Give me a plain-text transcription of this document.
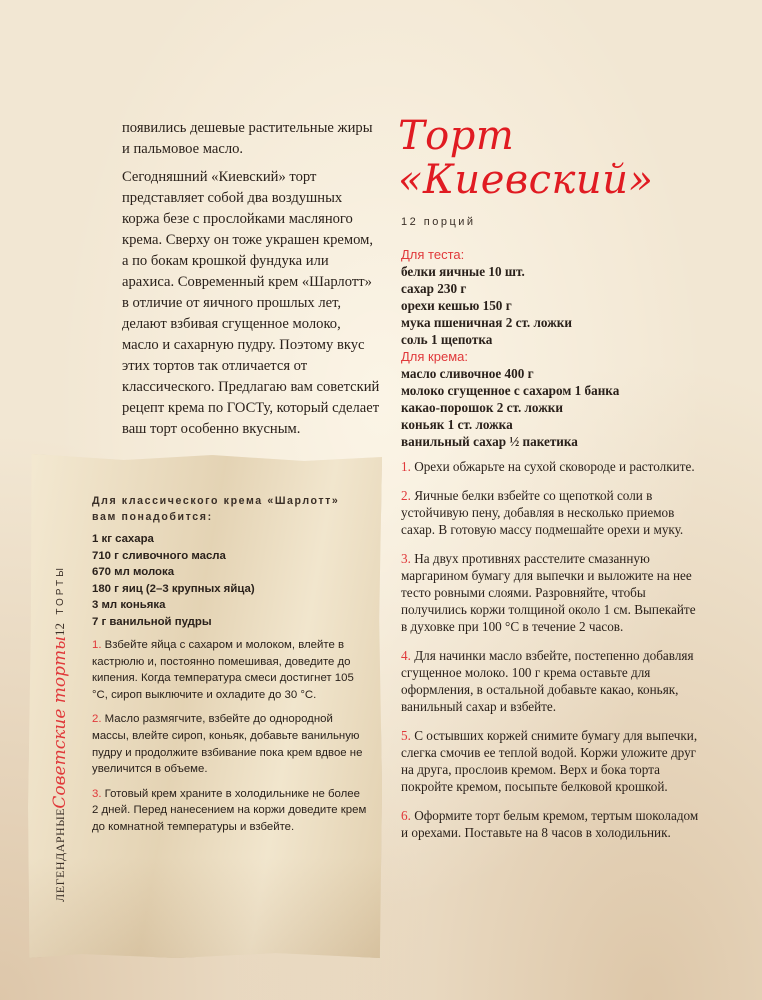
появились дешевые растительные жиры и пальмовое масло.

Сегодняшний «Киевский» торт представляет собой два воздушных коржа безе с прослойками масляного крема. Сверху он тоже украшен кремом, а по бокам крошкой фундука или арахиса. Современный крем «Шарлотт» в отличие от яичного прошлых лет, делают взбивая сгущенное молоко, масло и сахарную пудру. Поэтому вкус этих тортов так отличается от классического. Предлагаю вам советский рецепт крема по ГОСТу, который сделает ваш торт особенно вкусным.

Торт
«Киевский»
12 порций
Для теста:
белки яичные 10 шт.
сахар 230 г
орехи кешью 150 г
мука пшеничная 2 ст. ложки
соль 1 щепотка
Для крема:
масло сливочное 400 г
молоко сгущенное с сахаром 1 банка
какао-порошок 2 ст. ложки
коньяк 1 ст. ложка
ванильный сахар ½ пакетика

1. Орехи обжарьте на сухой сковороде и растолките.

2. Яичные белки взбейте со щепоткой соли в устойчивую пену, добавляя в несколько приемов сахар. В готовую массу подмешайте орехи и муку.

3. На двух противнях расстелите смазанную маргарином бумагу для выпечки и выложите на нее тесто ровными слоями. Разровняйте, чтобы получились коржи толщиной около 1 см. Выпекайте в духовке при 100 °С в течение 2 часов.

4. Для начинки масло взбейте, постепенно добавляя сгущенное молоко. 100 г крема оставьте для оформления, в остальной добавьте какао, коньяк, ванильный сахар и взбейте.

5. С остывших коржей снимите бумагу для выпечки, слегка смочив ее теплой водой. Коржи уложите друг на друга, прослоив кремом. Верх и бока торта покройте кремом, посыпьте белковой крошкой.

6. Оформите торт белым кремом, тертым шоколадом и орехами. Поставьте на 8 часов в холодильник.

Для классического крема «Шарлотт» вам понадобится:
1 кг сахара
710 г сливочного масла
670 мл молока
180 г яиц (2–3 крупных яйца)
3 мл коньяка
7 г ванильной пудры

1. Взбейте яйца с сахаром и молоком, влейте в кастрюлю и, постоянно помешивая, доведите до кипения. Когда температура смеси достигнет 105 °С, сироп выключите и охладите до 30 °С.

2. Масло размягчите, взбейте до однородной массы, влейте сироп, коньяк, добавьте ванильную пудру и продолжите взбивание пока крем вдвое не увеличится в объеме.

3. Готовый крем храните в холодильнике не более 2 дней. Перед нанесением на коржи доведите крем до комнатной температуры и взбейте.

ЛЕГЕНДАРНЫЕ
Советские торты
12
ТОРТЫ
